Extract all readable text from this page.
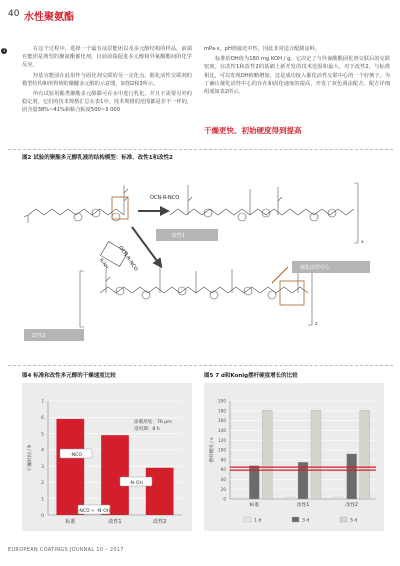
40 水性聚氨酯
3	在这个过程中，选择一个最有前景能团以及多元醇结构的样品。前端官能团是典型的聚氨酯催化剂，目前前端促进多元醇和异氰酸酯间的化学反应。

羟基官能团在此用作与固化剂交联的另一交化点。催化活性交联剂的模型结构和所得到的聚醚多元醇的示意图，如图2和3所示。

所有试验用酯类聚酯多元醇都可在水中进行乳化，并且不需要另外的稳定剂。它们的技术规格汇总在表1中。技术规格的范围都是非不一样的，固含量38%~41%和粘合粘度500~3 000

mPa·s，pH值接近中性，因此非常适合配制涂料。

标准的OH值为180 mg KOH / g。它决定了与异氰酸酯固化剂交联后的交联密度。在改性1和改性2的基础上新开发的技术范围和最大，对于改性2，与标准相比，可以发现OH值略增加，这是成功接入催化活性交联中心的一个好例子。为了确认催化活性中心的存在和固化速度的提高，开发了双色调涂配方。配方详细组成如表2所示。

干燥更快、初始硬度得到提高
图2 试验的聚酯多元醇乳液的结构模型：标准、改性1和改性2
OCN-R-NCO
OCN-R-NCO
R₂NH
改性1
催化活性中心
改性2
x
z
图4 标准和改性多元醇的干燥速度比较
0
1
2
3
4
5
6
7
标准	改性1	改性2
干燥时间 / h
涂膜厚度：76 μm
适用期：8 h
-NCO
-N-OH
-NCO + -N-OH
图5 7 d和Konig摆杆硬度增长的比较
0
20
40
60
80
100
120
140
160
180
200
标准	改性1	改性2
摆杆硬度 / s
1 d	3 d	5 d
EUROPEAN COATINGS JOURNAL 10 – 2017
